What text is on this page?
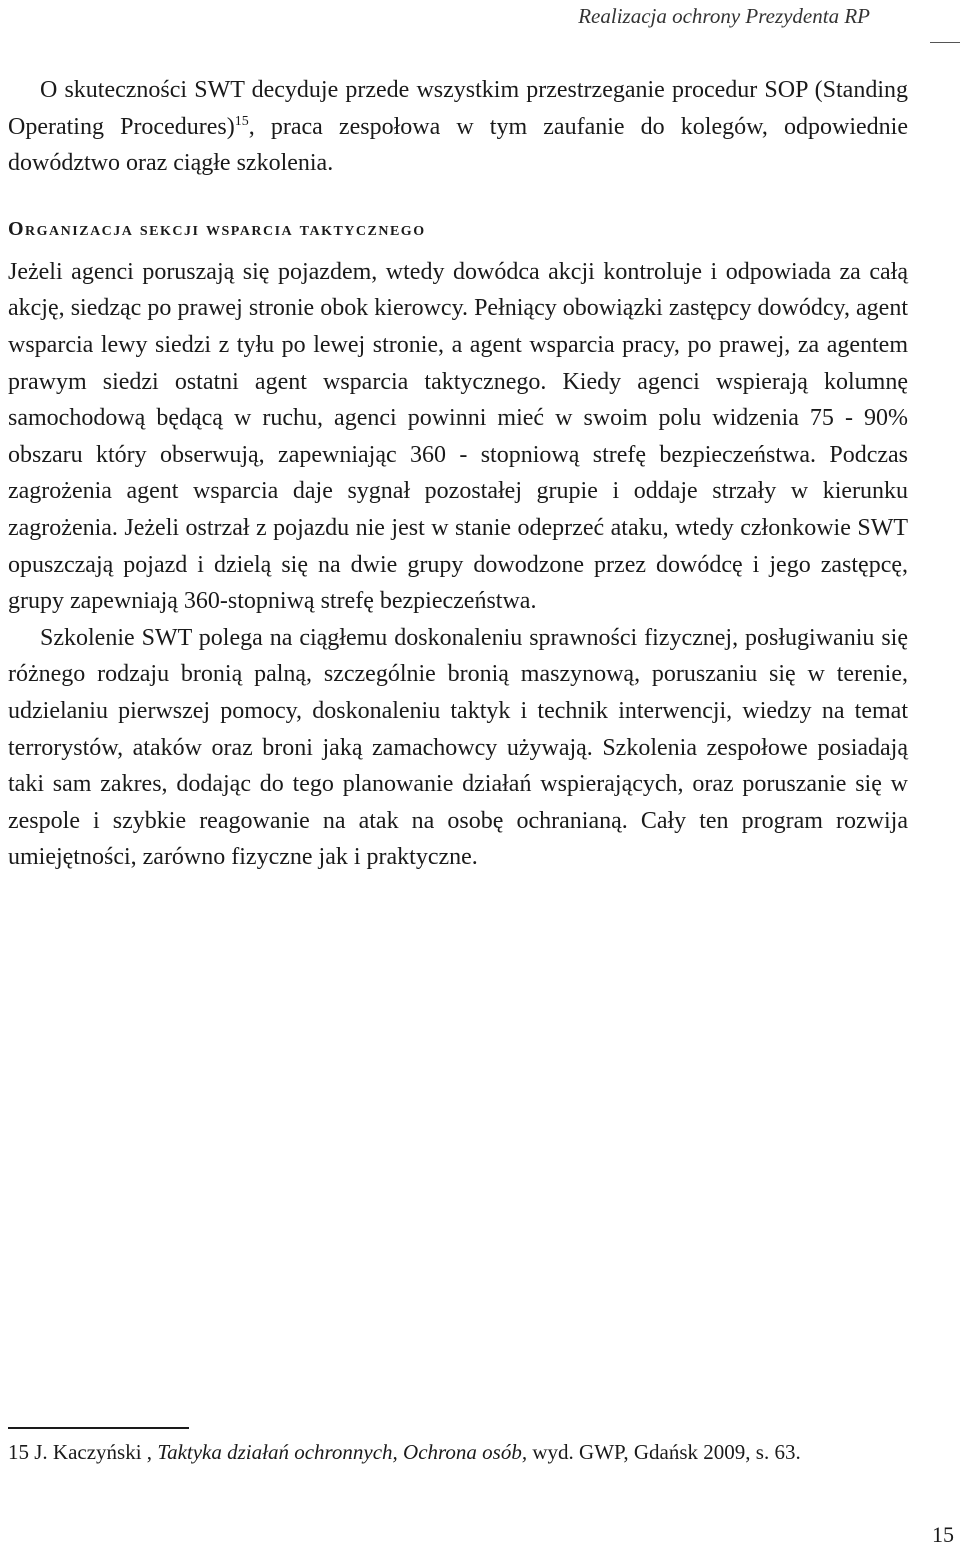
Realizacja ochrony Prezydenta RP

O skuteczności SWT decyduje przede wszystkim przestrzeganie procedur SOP (Standing Operating Procedures)$^{15}$, praca zespołowa w tym zaufanie do kolegów, odpowiednie dowództwo oraz ciągłe szkolenia.

Organizacja sekcji wsparcia taktycznego

Jeżeli agenci poruszają się pojazdem, wtedy dowódca akcji kontroluje i odpowiada za całą akcję, siedząc po prawej stronie obok kierowcy. Pełniący obowiązki zastępcy dowódcy, agent wsparcia lewy siedzi z tyłu po lewej stronie, a agent wsparcia pracy, po prawej, za agentem prawym siedzi ostatni agent wsparcia taktycznego. Kiedy agenci wspierają kolumnę samochodową będącą w ruchu, agenci powinni mieć w swoim polu widzenia 75 - 90% obszaru który obserwują, zapewniając 360 - stopniową strefę bezpieczeństwa. Podczas zagrożenia agent wsparcia daje sygnał pozostałej grupie i oddaje strzały w kierunku zagrożenia. Jeżeli ostrzał z pojazdu nie jest w stanie odeprzeć ataku, wtedy członkowie SWT opuszczają pojazd i dzielą się na dwie grupy dowodzone przez dowódcę i jego zastępcę, grupy zapewniają 360-stopniwą strefę bezpieczeństwa.

Szkolenie SWT polega na ciągłemu doskonaleniu sprawności fizycznej, posługiwaniu się różnego rodzaju bronią palną, szczególnie bronią maszynową, poruszaniu się w terenie, udzielaniu pierwszej pomocy, doskonaleniu taktyk i technik interwencji, wiedzy na temat terrorystów, ataków oraz broni jaką zamachowcy używają. Szkolenia zespołowe posiadają taki sam zakres, dodając do tego planowanie działań wspierających, oraz poruszanie się w zespole i szybkie reagowanie na atak na osobę ochranianą. Cały ten program rozwija umiejętności, zarówno fizyczne jak i praktyczne.

15 J. Kaczyński , Taktyka działań ochronnych, Ochrona osób, wyd. GWP, Gdańsk 2009, s. 63.
15
